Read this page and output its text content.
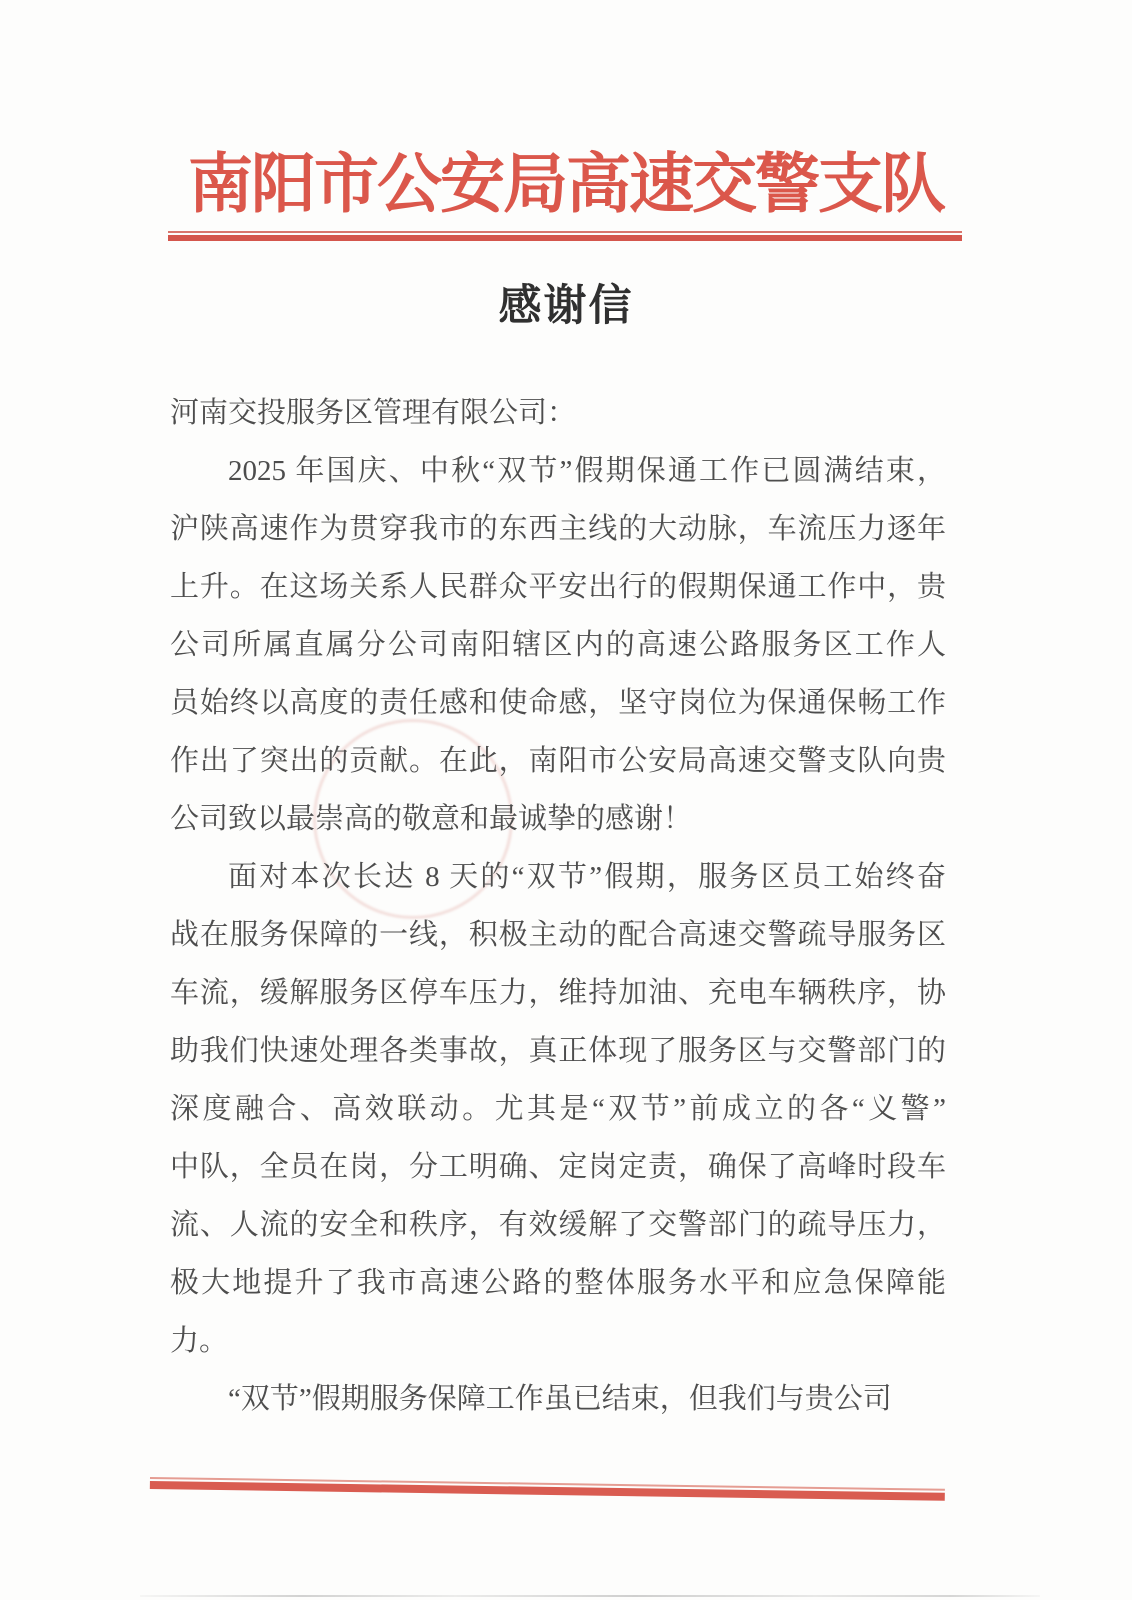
南阳市公安局高速交警支队
感谢信

河南交投服务区管理有限公司：

2025 年国庆、中秋“双节”假期保通工作已圆满结束，
沪陕高速作为贯穿我市的东西主线的大动脉，车流压力逐年
上升。在这场关系人民群众平安出行的假期保通工作中，贵
公司所属直属分公司南阳辖区内的高速公路服务区工作人
员始终以高度的责任感和使命感，坚守岗位为保通保畅工作
作出了突出的贡献。在此，南阳市公安局高速交警支队向贵
公司致以最崇高的敬意和最诚挚的感谢！
面对本次长达 8 天的“双节”假期，服务区员工始终奋
战在服务保障的一线，积极主动的配合高速交警疏导服务区
车流，缓解服务区停车压力，维持加油、充电车辆秩序，协
助我们快速处理各类事故，真正体现了服务区与交警部门的
深度融合、高效联动。尤其是“双节”前成立的各“义警”
中队，全员在岗，分工明确、定岗定责，确保了高峰时段车
流、人流的安全和秩序，有效缓解了交警部门的疏导压力，
极大地提升了我市高速公路的整体服务水平和应急保障能
力。
“双节”假期服务保障工作虽已结束，但我们与贵公司
